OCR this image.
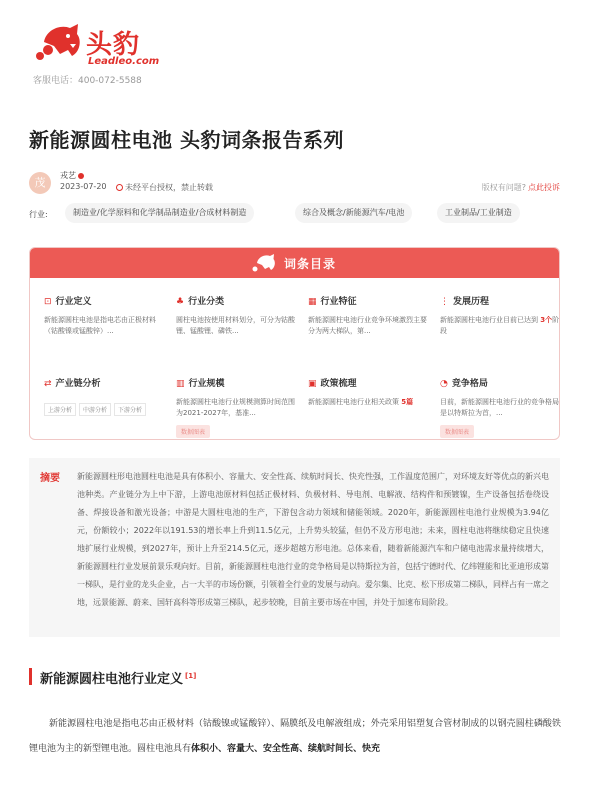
头豹
Leadleo.com
客服电话：400-072-5588
新能源圆柱电池 头豹词条报告系列
茂
戎艺
2023-07-20	未经平台授权，禁止转载	版权有问题? 点此投诉
行业:	制造业/化学原料和化学制品制造业/合成材料制造	综合及概念/新能源汽车/电池	工业制品/工业制造
词条目录
⊡ 行业定义
新能源圆柱电池是指电芯由正极材料（钴酸镍或锰酸锌）...
♣ 行业分类
圆柱电池按使用材料划分，可分为钴酸锂、锰酸锂、磷铁...
▦ 行业特征
新能源圆柱电池行业竞争环境激烈主要分为两大梯队，第...
⋮ 发展历程
新能源圆柱电池行业目前已达到 3个阶段
⇄ 产业链分析
上游分析 中游分析 下游分析
▥ 行业规模
新能源圆柱电池行业规模测算时间范围为2021-2027年，基准...
数据图表
▣ 政策梳理
新能源圆柱电池行业相关政策 5篇
◔ 竞争格局
目前，新能源圆柱电池行业的竞争格局是以特斯拉为首，...
数据图表
摘要 新能源圆柱形电池圆柱电池是具有体积小、容量大、安全性高、续航时间长、快充性强，工作温度范围广，对环境友好等优点的新兴电池种类。产业链分为上中下游，上游电池原材料包括正极材料、负极材料、导电剂、电解液、结构件和预镀镍，生产设备包括卷绕设备、焊接设备和激光设备；中游是大圆柱电池的生产，下游包含动力领域和储能领域。2020年，新能源圆柱电池行业规模为3.94亿元，份额较小；2022年以191.53的增长率上升到11.5亿元，上升势头较猛，但仍不及方形电池；未来，圆柱电池将继续稳定且快速地扩展行业规模，到2027年，预计上升至214.5亿元，逐步超越方形电池。总体来看，随着新能源汽车和户储电池需求量持续增大，新能源圆柱行业发展前景乐观向好。目前，新能源圆柱电池行业的竞争格局是以特斯拉为首，包括宁德时代、亿纬锂能和比亚迪形成第一梯队，是行业的龙头企业，占一大半的市场份额，引领着全行业的发展与动向。爱尔集、比克、松下形成第二梯队，同样占有一席之地，远景能源、蔚来、国轩高科等形成第三梯队，起步较晚，目前主要市场在中国，并处于加速布局阶段。

新能源圆柱电池行业定义 [1]

新能源圆柱电池是指电芯由正极材料（钴酸镍或锰酸锌）、隔膜纸及电解液组成；外壳采用铝塑复合管材制成的以钢壳圆柱磷酸铁锂电池为主的新型锂电池。圆柱电池具有体积小、容量大、安全性高、续航时间长、快充
